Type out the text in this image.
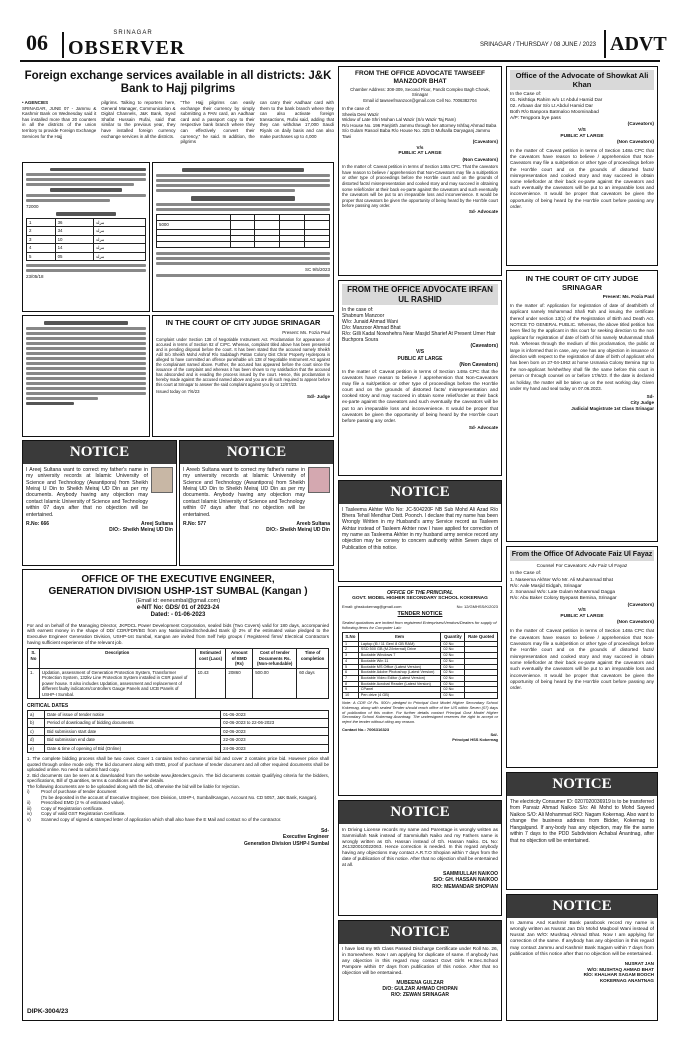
06	SRINAGAR
OBSERVER	SRINAGAR / THURSDAY / 08 JUNE / 2023 ADVT
Foreign exchange services available in all districts: J&K Bank to Hajj pilgrims
• AGENCIES
SRINAGAR, JUNE 07 - Jammu & Kashmir Bank on Wednesday said it has installed more than 20 counters in all the districts of the union territory to provide Foreign Exchange Services for the Hajj
pilgrims. Talking to reporters here, General Manager, Communication & Digital Channels, J&K Bank, Syed Shafat Hussain Rufai, said that similar to the previous year, they have installed foreign currency exchange services in all the districts.
"The Hajj pilgrims can easily exchange their currency by simply submitting a PAN card, an Aadhaar card and a passport copy to their respective bank branch where they can effectively convert their currency," he said. In addition, the pilgrims
can carry their Aadhaar card with them to the bank branch where they can also activate foreign transactions, Rufai said, adding that they can withdraw 17,000 Saudi Riyals on daily basis and can also make purchases up to 4,000
72000
1	36	مرلہ
2	34	مرلہ
3	10	مرلہ
4	14	مرلہ
5	05	مرلہ
23/05/18

5000				

SC 9/5/2023
IN THE COURT OF CITY JUDGE SRINAGAR
Present: Ms. Fozia Paul
Complaint under Section 138 of Negotiable Instrument Act. Proclamation for appearance of accused in terms of Section 82 of CrPC. Whereas, complaint titled above has been presented and is pending disposal before the court. It has been stated that the accused namely Sheikh Adil S/o Sheikh Mohd Ashraf R/o Sadabagh Pattan Colony Dist Chrar Property Hyderpora is alleged to have committed an offence punishable u/s 138 of Negotiable Instrument Act against the complainant named above. Further, the accused has appeared before the court since the issuance of the complaint and whereas it has been shown to my satisfaction that the accused has absconded and is evading the process issued by the court. Hence, this proclamation is hereby made against the accused named above and you are all such required to appear before this court at Srinagar to answer the said complaint against you by or 12/07/23.
Issued today on 7/6/23
Sd/- Judge
NOTICE
I Areej Sultana want to correct my father's name in my university records at Islamic University of Science and Technology (Awantipora) from Sheikh Meiraj U Din to Sheikh Meiraj UD Din as per my documents. Anybody having any objection may contact Islamic University of Science and Technology within 07 days after that no objection will be entertained.
R.No: 666	Areej Sultana
D/O:- Sheikh Meiraj UD Din
NOTICE
I Areeb Sultana want to correct my father's name in my university records at Islamic University of Science and Technology (Awantipora) from Sheikh Meiraj UD Din to Sheikh Meiraj UD Din as per my documents. Anybody having any objection may contact Islamic University of Science and Technology within 07 days after that no objection will be entertained.
R.No: 577	Areeb Sultana
D/O:- Sheikh Meiraj UD Din
OFFICE OF THE EXECUTIVE ENGINEER,
GENERATION DIVISION USHP-1ST SUMBAL (Kangan )
(Email id: eeneumbal@gmail.com)
e-NIT No: GDS/ 01 of 2023-24
Dated: - 01-06-2023
For and on behalf of the Managing Director, JKPDCL Power Development Corporation, sealed bids (Two Covers) valid for 180 days, accompanied with earnest money in the shape of DD/ CDR/FDR/BG from any Nationalized/Scheduled Bank @ 2% of the estimated value pledged to the Executive Engineer Generation Division, USHP-1st Sumbal, Kangan are invited from Self help groups / Registered firms/ Electrical Contractors having sufficient experience of the relevant job.
S. No	Description	Estimated cost (Lacs)	Amount of EMD (Rs)	Cost of tender Documents Rs. (Non-refundable)	Time of completion
1.	Updation, assessment of Generation Protection System, Transformer Protection System, 132kv Line Protection System installed in CSR panel of power house. It also includes Updation, assessment and replacement of different faulty indicators/controllers Gauge Panels and UCB Panels of USHP-I Sumbal.	10.43	20860	500.00	60 days
CRITICAL DATES
a)	Date of issue of tender notice	01-06-2023
b)	Period of downloading of bidding documents	02-06-2023 to 22-06-2023
c)	Bid submission start date	02-06-2023
d)	Bid submission end date	22-06-2023
e)	Date & time of opening of Bid (Online)	24-06-2023
1. The complete bidding process shall be two cover. Cover 1 contains techno commercial bid and cover 2 contains price bid. However price shall quoted through online mode only. The bid document along with EMD, proof of purchase of tender document and all other required documents shall be uploaded online. No need to submit hard copy.
2. Bid documents can be seen at & downloaded from the website www.jktenders.gov.in. The bid documents contain Qualifying criteria for the bidders, specifications, Bill of Quantities, terms & conditions and other details.
The following documents are to be uploaded along with the bid, otherwise the bid will be liable for rejection.
i)	Proof of purchase of tender document
(To be deposited in the account of Executive Engineer, Gen Division, USHP-I, Sumbal/Kangan, Account No. CD 5057, J&K Bank, Kangan).
ii)	Prescribed EMD (2 % of estimated value).
iii)	Copy of Registration certificate.
iv)	Copy of valid GST Registration Certificate.
v)	Scanned copy of signed & stamped letter of application which shall also have the E Mail and contact no of the contractor.
Sd-
Executive Engineer
Generation Division USHP-I Sumbal
DIPK-3004/23
FROM THE OFFICE ADVOCATE TAWSEEF MANZOOR BHAT
Chamber Address: 308-309, Second Floor, Pandit Complex Bagh Chowk, Srinagar
Email id tawseefmanzoor@gmail.com Cell No. 7006382704
In the case of:
Sheela Devi Wazir
Widow of Late Shri Mohan Lal Wazir (S/o Wazir Taj Ram)
R/o House No. 196 Panjtirth Jammu through her attorney Ishfaq Ahmad Baba S/o Gulam Rasool Baba R/o House No. 325 D Mufsalla Daryaganj Jammu Tawi
(Caveators)
V/s
PUBLIC AT LARGE
(Non Caveators)
In the matter of: Caveat petition in terms of Section 148a CPC. That the caveators have reason to believe / apprehension that Non-Caveators may file a suit/petition or other type of proceedings before the Hon'ble court and on the grounds of distorted facts/ misrepresentation and cooked story and may succeed in obtaining some relief/order at their back ex-parte against the caveators and such eventually the caveators will be put to an irreparable loss and inconvenience. It would be proper that caveators be given the opportunity of being heard by the Hon'ble court before passing any order.
Sd- Advocate
FROM THE OFFICE ADVOCATE IRFAN UL RASHID
In the case of:
Shabnum Manzoor
W/o: Junaid Ahmad Wani
D/o: Manzoor Ahmad Bhat
R/o: Gilli Kadal Nowshehra Near Masjid Sharief At Present Umer Hair Buchpora Soura
(Caveators)
V/S
PUBLIC AT LARGE
(Non Caveators)
In the matter of: Caveat petition in terms of Section 148a CPC that the caveators have reason to believe / apprehension that Non-Caveators may file a suit/petition or other type of proceedings before the Hon'ble court and on the grounds of distorted facts/ misrepresentation and cooked story and may succeed in obtain some relief/order at their back ex-parte against the caveators and such eventually the caveators will be put to an irreparable loss and inconvenience. It would be proper that caveators be given the opportunity of being heard by the Hon'ble court before passing any order.
Sd- Advocate
NOTICE
I Tasleema Akhter W/o No: JC-504220F NB Sub Mohd Ali Azad R/o Bhera Tehsil Mendhar Distt. Poonch. I declare that my name has been Wrongly Written in my Husband's army Service record as Tasleem Akhtar instead of Tasleem Akhter now I have applied for correction of my name as Tasleema Akhter in my husband army service record any objection may be convey to concern authority within Seven days of Publication of this notice.
OFFICE OF THE PRINCIPAL
GOVT. MODEL HIGHER SECONDARY SCHOOL KOKERNAG
Email: ghsskokernag@gmail.com	No: 12/GMHSS/K/2023
TENDER NOTICE
Sealed quotations are invited from registered Enterprises/Vendors/Dealers for supply of following items for Computer Lab:
S.No	Item	Quantity	Rate Quoted
1	Laptop (i5 / 11 Gen/ 8 GB RAM)	02 No	
2	SSD 500 GB (M.2/Internal) Drive	02 No	
3	Bootable Windows 7	02 No	
4	Bootable Win 11	02 No	
5	Bootable MS Office (Latest Version)	02 No	
6	Bootable Adobe Photoshop (Latest Version)	02 No	
7	Bootable Video Editor (Latest Version)	02 No	
8	Bootable Acrobat Reader (Latest Version)	02 No	
9	CPanel	02 No	
10	Pen drive (4 GB)	02 No	
Note: A CDR Of Rs. 500/= pledged to Principal Govt Model Higher Secondary School Kokernag, along with sealed Tender should reach office of the U/S within Seven (07) days of publication of this notice. For further details contact Principal Govt Model Higher Secondary School Kokernag Anantnag. The undersigned reserves the right to accept or reject the tender without citing any reason.
Contact No.: 7006316323
Sd/-
Principal HSS Kokernag
NOTICE
In Driving License records my name and Parentage is wrongly written as Sammiullah Naik instead of Sammiullah Naiko and my Fathers name is wrongly written as Gh. Hassan instead of Gh. Hassan Naiko. DL No: JK1320010022063. Hence correction is needed. In this regard anybody having any objections may contact A.R.T.O Shopian within 7 days from the date of publication of this notice. After that no objection shall be entertained at all.
SAMMIULLAH NAIKOO
S/O: GH. HASSAN NAIKOO
R/O: MEMANDAR SHOPIAN
NOTICE
I have lost my 9th Class Passed Discharge Certificate under Roll No. 26, in Somewhere. Now I am applying for duplicate of same. If anybody has any objection in this regard may contact Govt Girls Hr.Sec.School Pampore within 07 days from publication of this notice. After that no objection will be entertained.
MUBEENA GULZAR
D/O: GULZAR AHMAD CHOPAN
R/O: ZEWAN SRINAGAR
Office of the Advocate of Showkat Ali Khan
In the Case of:
01. Nishtiqa Rahim w/o Lt Abdul Hamid Dar
02. Arbaan dar S/o Lt Abdul Hamid Dar
Both R/o Banpora Batmaloo Moominabad
A/P: Tengpora bye pass
(Caveators)
V/S
PUBLIC AT LARGE
(Non Caveators)
In the matter of: Caveat petition in terms of Section 148a CPC that the caveators have reason to believe / apprehension that Non-Caveators may file a suit/petition or other type of proceedings before the Hon'ble court and on the grounds of distorted facts/ misrepresentation and cooked story and may succeed in obtain some relief/order at their back ex-parte against the caveators and such eventually the caveators will be put to an irreparable loss and inconvenience. It would be proper that caveators be given the opportunity of being heard by the Hon'ble court before passing any order.
IN THE COURT OF CITY JUDGE SRINAGAR
Present: Ms. Fozia Paul
In the matter of: Application for registration of date of death/birth of applicant namely Mohammad Shafi Rah and issuing the certificate thereof under section 13(1) of the Registration of Birth and Death Act. NOTICE TO GENERAL PUBLIC. Whereas, the above titled petition has been filed by the applicant in this court for seeking direction to the non applicant for registration of date of birth of his namely Muhammad Shafi Rah. Whereas through the medium of this proclamation, the public at large is informed that in case, any one has any objection in issuance of direction with respect to the registration of date of birth of applicant who has been born on 27-04-1962 at home Usmania Colony Bemina Sgr to the non-applicant he/she/they shall file the same before this court in person or through counsel on or before 17/6/23. If the date is declared as holiday, the matter will be taken up on the next working day. Given under my hand and seal today on 07.06.2023.
Sd-
City Judge
Judicial Magistrate 1st Class Srinagar
From the Office Of Advocate Faiz Ul Fayaz
Counsel For Caveators: Adv Faiz Ul Fayaz
In the Case of:
1. Naseema Akhter W/o Mr. Ali Muhammad Bhat
R/o: Aale Masjid Eidgah, Srinagar
2. Sonanaul W/o: Late Gulam Mohammad Dagga
R/o: Abu Baker Colony Byepass Bemina, Srinagar
(Caveators)
V/S
PUBLIC AT LARGE
(Non Caveators)
In the matter of: Caveat petition in terms of Section 148a CPC that the caveators have reason to believe / apprehension that Non-Caveators may file a suit/petition or other type of proceedings before the Hon'ble court and on the grounds of distorted facts/ misrepresentation and cooked story and may succeed in obtain some relief/order at their back ex-parte against the caveators and such eventually the caveators will be put to an irreparable loss and inconvenience. It would be proper that caveators be given the opportunity of being heard by the Hon'ble court before passing any order.
NOTICE
The electricity Consumer ID: 0207020036919 is to be transferred from Parvaiz Ahmad Naikoo S/o: Ali Mohd to Mohd Sayeed Naikoo S/O: Ali Mohammad R/O: Nagam Kokernag. Also want to change the business address from Bidder, Kokernag to Hangalgund. If any-body has any objection, may file the same within 7 days to the PDD Subdivision Achabal Anantnag, after that no objection will be entertained.
NOTICE
In Jammu And Kashmir Bank passbook record my name is wrongly written as Nusrat Jan D/o Mohd Maqbool Wani instead of Nusrat Jan W/O: Mushtaq Ahmad Bhat. Now I am applying for correction of the same. If anybody has any objection in this regard may contact Jammu and Kashmir Bank Sagam within 7 days from publication of this notice after that no objection will be entertained.
NUSRAT JAN
W/O: MUSHTAQ AHMAD BHAT
R/O: KHALHAR SAGAM BOOCH
KOKERNAG ANANTNAG
